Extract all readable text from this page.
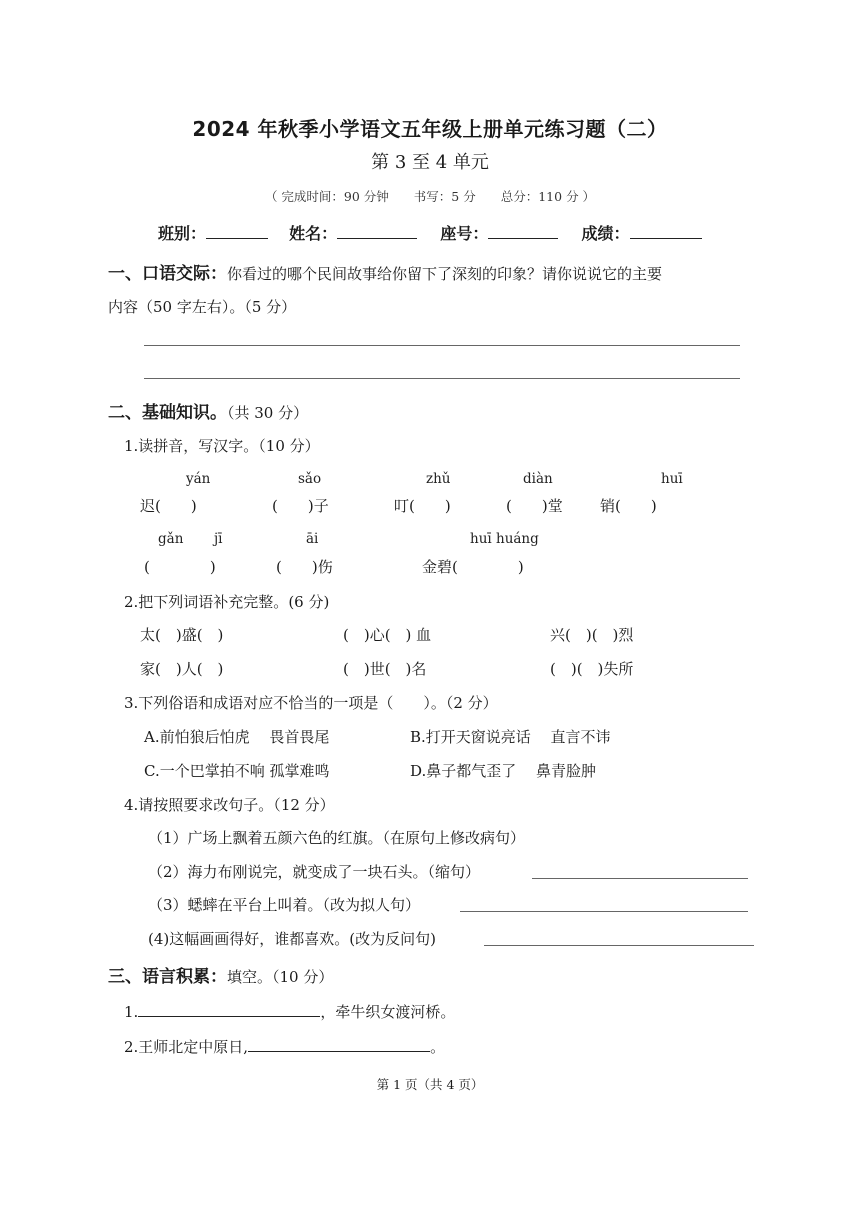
2024 年秋季小学语文五年级上册单元练习题（二）
第 3 至 4 单元
（ 完成时间：90 分钟　　书写：5 分　　总分：110 分 ）
班别：	姓名：	座号：	成绩：
一、口语交际：你看过的哪个民间故事给你留下了深刻的印象？请你说说它的主要
内容（50 字左右）。（5 分）
二、基础知识。（共 30 分）
1.读拼音，写汉字。（10 分）
yán	sǎo	zhǔ	diàn	huī
迟(　　)	(　　)子	叮(　　)	(　　)堂 销(　　)
gǎn jī	āi	huī huáng
(　　　　)	(　　)伤	金碧(　　　　)
2.把下列词语补充完整。(6 分)
太(　)盛(　)	(　)心(　) 血	兴(　)(　)烈
家(　)人(　)	(　)世(　)名	(　)(　)失所
3.下列俗语和成语对应不恰当的一项是（　　）。（2 分）
A.前怕狼后怕虎　 畏首畏尾	B.打开天窗说亮话　 直言不讳
C.一个巴掌拍不响 孤掌难鸣	D.鼻子都气歪了　 鼻青脸肿
4.请按照要求改句子。（12 分）
（1）广场上飘着五颜六色的红旗。（在原句上修改病句）
（2）海力布刚说完，就变成了一块石头。（缩句）
（3）蟋蟀在平台上叫着。（改为拟人句）
(4)这幅画画得好，谁都喜欢。(改为反问句)
三、语言积累：填空。（10 分）
1.	，牵牛织女渡河桥。
2.王师北定中原日,	。
第 1 页（共 4 页）
